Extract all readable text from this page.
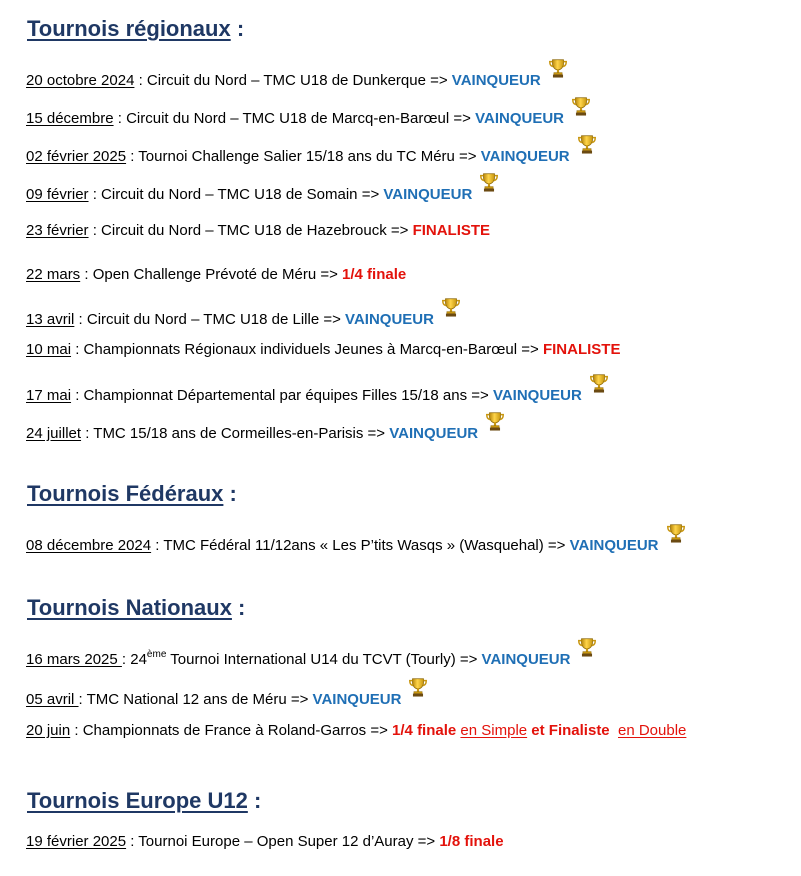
Tournois régionaux :

20 octobre 2024 : Circuit du Nord – TMC U18 de Dunkerque => VAINQUEUR

15 décembre : Circuit du Nord – TMC U18 de Marcq-en-Barœul => VAINQUEUR

02 février 2025 : Tournoi Challenge Salier 15/18 ans du TC Méru => VAINQUEUR

09 février : Circuit du Nord – TMC U18 de Somain => VAINQUEUR

23 février : Circuit du Nord – TMC U18 de Hazebrouck => FINALISTE

22 mars : Open Challenge Prévoté de Méru => 1/4 finale

13 avril : Circuit du Nord – TMC U18 de Lille => VAINQUEUR

10 mai : Championnats Régionaux individuels Jeunes à Marcq-en-Barœul => FINALISTE

17 mai : Championnat Départemental par équipes Filles 15/18 ans => VAINQUEUR

24 juillet : TMC 15/18 ans de Cormeilles-en-Parisis => VAINQUEUR

Tournois Fédéraux :

08 décembre 2024 : TMC Fédéral 11/12ans « Les P’tits Wasqs » (Wasquehal) => VAINQUEUR

Tournois Nationaux :

16 mars 2025 : 24ème Tournoi International U14 du TCVT (Tourly) => VAINQUEUR

05 avril : TMC National 12 ans de Méru => VAINQUEUR

20 juin : Championnats de France à Roland-Garros => 1/4 finale en Simple et Finaliste en Double

Tournois Europe U12 :

19 février 2025 : Tournoi Europe – Open Super 12 d’Auray => 1/8 finale
